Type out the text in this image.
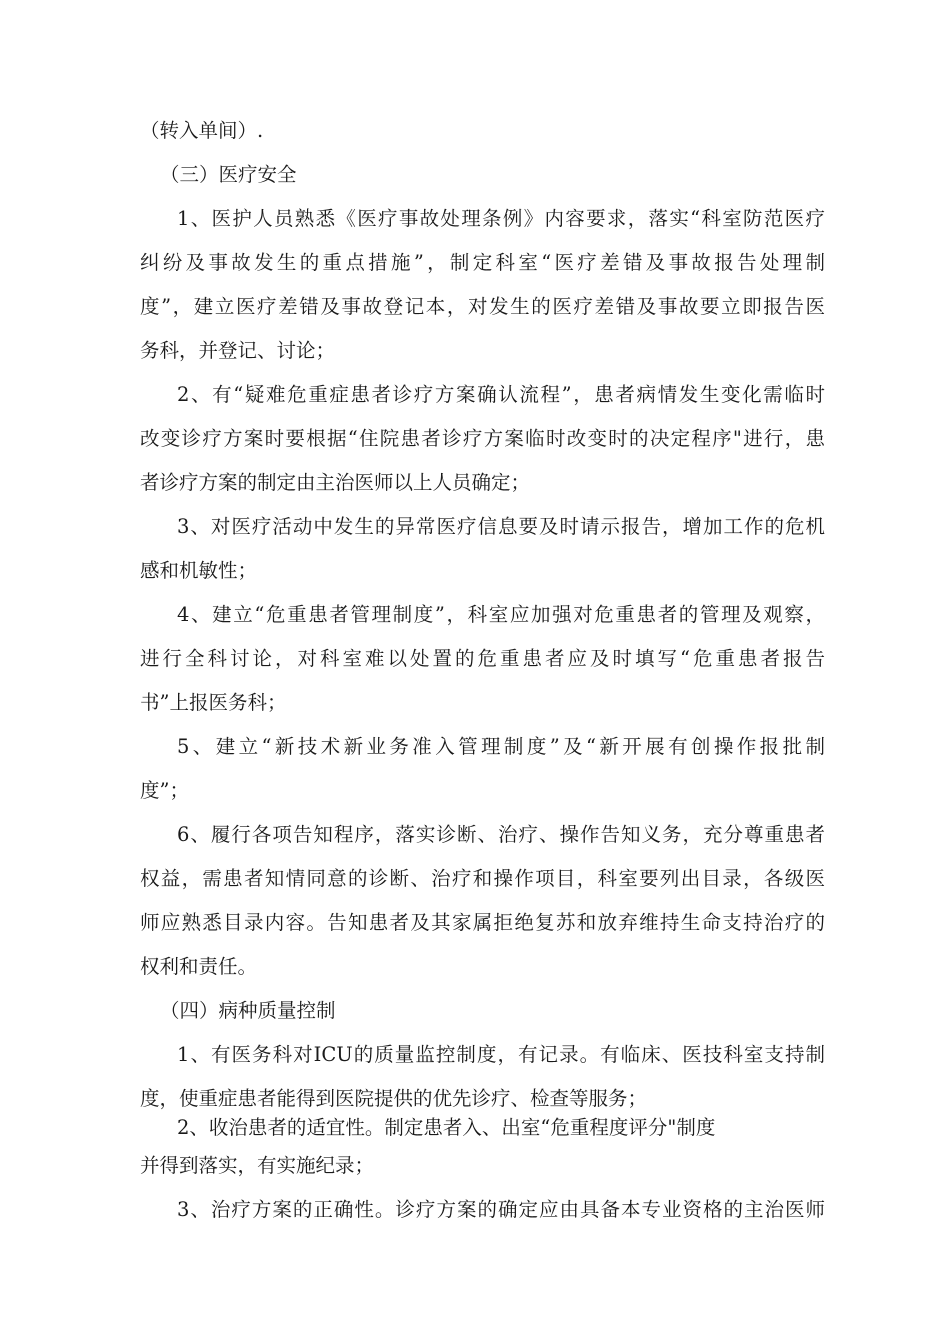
（转入单间）.
（三）医疗安全
1、医护人员熟悉《医疗事故处理条例》内容要求，落实“科室防范医疗
纠纷及事故发生的重点措施”，制定科室“医疗差错及事故报告处理制
度”，建立医疗差错及事故登记本，对发生的医疗差错及事故要立即报告医
务科，并登记、讨论；
2、有“疑难危重症患者诊疗方案确认流程”，患者病情发生变化需临时
改变诊疗方案时要根据“住院患者诊疗方案临时改变时的决定程序"进行，患
者诊疗方案的制定由主治医师以上人员确定；
3、对医疗活动中发生的异常医疗信息要及时请示报告，增加工作的危机
感和机敏性；
4、建立“危重患者管理制度”，科室应加强对危重患者的管理及观察，
进行全科讨论，对科室难以处置的危重患者应及时填写“危重患者报告
书”上报医务科；
5、建立“新技术新业务准入管理制度”及“新开展有创操作报批制
度”；
6、履行各项告知程序，落实诊断、治疗、操作告知义务，充分尊重患者
权益，需患者知情同意的诊断、治疗和操作项目，科室要列出目录，各级医
师应熟悉目录内容。告知患者及其家属拒绝复苏和放弃维持生命支持治疗的
权利和责任。
（四）病种质量控制
1、有医务科对ICU的质量监控制度，有记录。有临床、医技科室支持制
度，使重症患者能得到医院提供的优先诊疗、检查等服务；
2、收治患者的适宜性。制定患者入、出室“危重程度评分"制度
并得到落实，有实施纪录；
3、治疗方案的正确性。诊疗方案的确定应由具备本专业资格的主治医师
